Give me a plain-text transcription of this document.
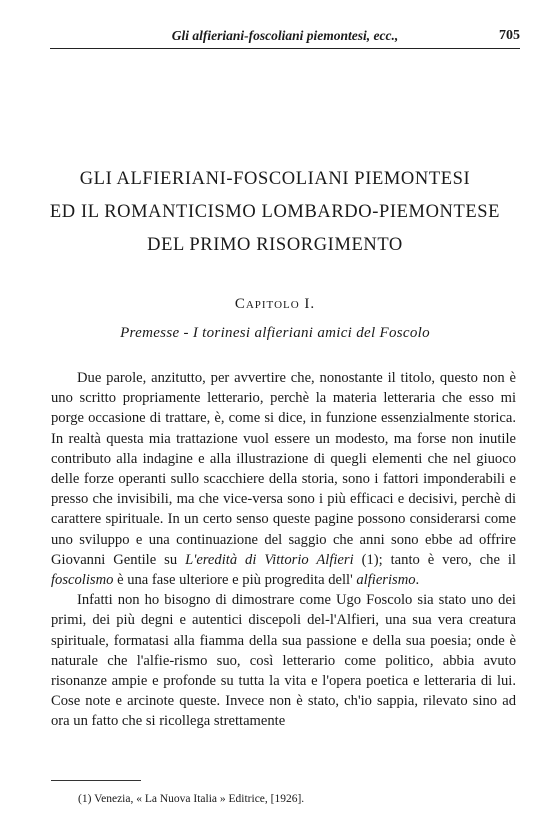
Gli alfieriani-foscoliani piemontesi, ecc.,	705
GLI ALFIERIANI-FOSCOLIANI PIEMONTESI
ED IL ROMANTICISMO LOMBARDO-PIEMONTESE
DEL PRIMO RISORGIMENTO
Capitolo I.
Premesse - I torinesi alfieriani amici del Foscolo

Due parole, anzitutto, per avvertire che, nonostante il titolo, questo non è uno scritto propriamente letterario, perchè la materia letteraria che esso mi porge occasione di trattare, è, come si dice, in funzione essenzialmente storica. In realtà questa mia trattazione vuol essere un modesto, ma forse non inutile contributo alla indagine e alla illustrazione di quegli elementi che nel giuoco delle forze operanti sullo scacchiere della storia, sono i fattori imponderabili e presso che invisibili, ma che vice-versa sono i più efficaci e decisivi, perchè di carattere spirituale. In un certo senso queste pagine possono considerarsi come uno sviluppo e una continuazione del saggio che anni sono ebbe ad offrire Giovanni Gentile su L'eredità di Vittorio Alfieri (1); tanto è vero, che il foscolismo è una fase ulteriore e più progredita dell' alfierismo.

Infatti non ho bisogno di dimostrare come Ugo Foscolo sia stato uno dei primi, dei più degni e autentici discepoli del-l'Alfieri, una sua vera creatura spirituale, formatasi alla fiamma della sua passione e della sua poesia; onde è naturale che l'alfie-rismo suo, così letterario come politico, abbia avuto risonanze ampie e profonde su tutta la vita e l'opera poetica e letteraria di lui. Cose note e arcinote queste. Invece non è stato, ch'io sappia, rilevato sino ad ora un fatto che si ricollega strettamente

(1) Venezia, « La Nuova Italia » Editrice, [1926].
